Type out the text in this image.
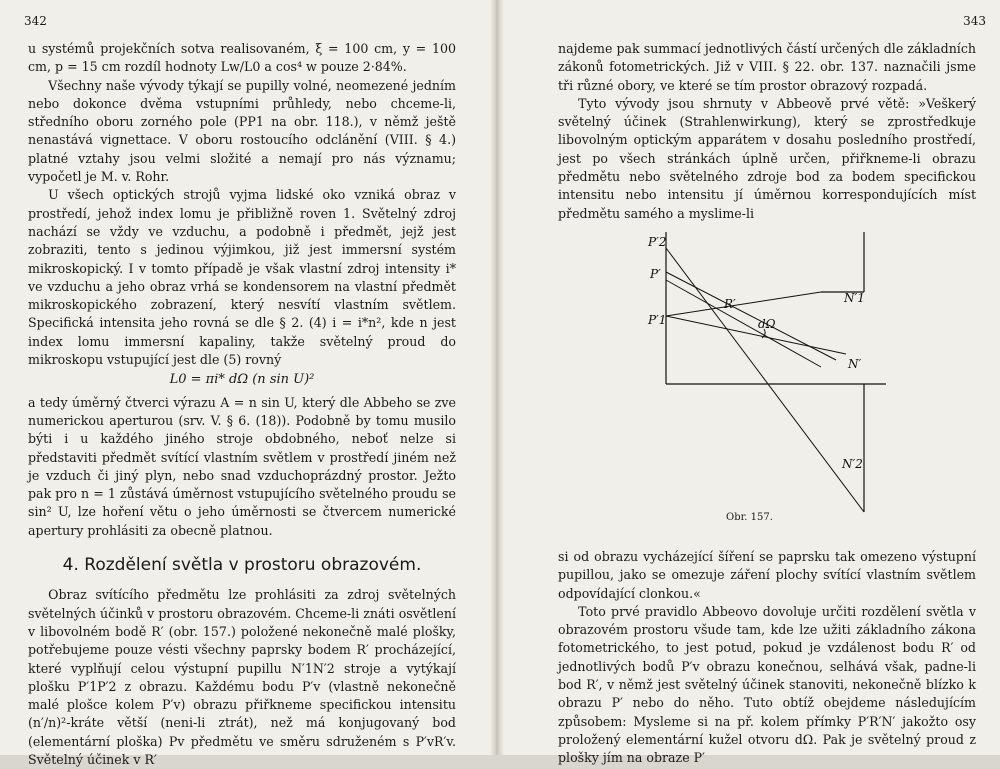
342

u systémů projekčních sotva realisovaném, ξ = 100 cm, y = 100 cm, p = 15 cm rozdíl hodnoty Lw/L0 a cos⁴ w pouze 2·84%.

Všechny naše vývody týkají se pupilly volné, neomezené jedním nebo dokonce dvěma vstupními průhledy, nebo chceme-li, středního oboru zorného pole (PP1 na obr. 118.), v němž ještě nenastává vignettace. V oboru rostoucího odclánění (VIII. § 4.) platné vztahy jsou velmi složité a nemají pro nás významu; vypočetl je M. v. Rohr.

U všech optických strojů vyjma lidské oko vzniká obraz v prostředí, jehož index lomu je přibližně roven 1. Světelný zdroj nachází se vždy ve vzduchu, a podobně i předmět, jejž jest zobraziti, tento s jedinou výjimkou, již jest immersní systém mikroskopický. I v tomto případě je však vlastní zdroj intensity i* ve vzduchu a jeho obraz vrhá se kondensorem na vlastní předmět mikroskopického zobrazení, který nesvítí vlastním světlem. Specifická intensita jeho rovná se dle § 2. (4) i = i*n², kde n jest index lomu immersní kapaliny, takže světelný proud do mikroskopu vstupující jest dle (5) rovný

L0 = πi* dΩ (n sin U)²

a tedy úměrný čtverci výrazu A = n sin U, který dle Abbeho se zve numerickou aperturou (srv. V. § 6. (18)). Podobně by tomu musilo býti i u každého jiného stroje obdobného, neboť nelze si představiti předmět svítící vlastním světlem v prostředí jiném než je vzduch či jiný plyn, nebo snad vzduchoprázdný prostor. Ježto pak pro n = 1 zůstává úměrnost vstupujícího světelného proudu se sin² U, lze hoření větu o jeho úměrnosti se čtvercem numerické apertury prohlásiti za obecně platnou.

4. Rozdělení světla v prostoru obrazovém.

Obraz svítícího předmětu lze prohlásiti za zdroj světelných světelných účinků v prostoru obrazovém. Chceme-li znáti osvětlení v libovolném bodě R′ (obr. 157.) položené nekonečně malé plošky, potřebujeme pouze vésti všechny paprsky bodem R′ procházející, které vyplňují celou výstupní pupillu N′1N′2 stroje a vytýkají plošku P′1P′2 z obrazu. Každému bodu P′v (vlastně nekonečně malé plošce kolem P′v) obrazu přiřkneme specifickou intensitu (n′/n)²-kráte větší (neni-li ztrát), než má konjugovaný bod (elementární ploška) Pv předmětu ve směru sdruženém s P′vR′v. Světelný účinek v R′

343

najdeme pak summací jednotlivých částí určených dle základních zákonů fotometrických. Již v VIII. § 22. obr. 137. naznačili jsme tři různé obory, ve které se tím prostor obrazový rozpadá.

Tyto vývody jsou shrnuty v Abbeově prvé větě: »Veškerý světelný účinek (Strahlenwirkung), který se zprostředkuje libovolným optickým apparátem v dosahu posledního prostředí, jest po všech stránkách úplně určen, přiřkneme-li obrazu předmětu nebo světelného zdroje bod za bodem specifickou intensitu nebo intensitu jí úměrnou korrespondujících míst předmětu samého a myslime-li

P′2
P′
P′1
R′
dΩ
N′1
N′
N′2
Obr. 157.

si od obrazu vycházející šíření se paprsku tak omezeno výstupní pupillou, jako se omezuje záření plochy svítící vlastním světlem odpovídající clonkou.«

Toto prvé pravidlo Abbeovo dovoluje určiti rozdělení světla v obrazovém prostoru všude tam, kde lze užiti základního zákona fotometrického, to jest potud, pokud je vzdálenost bodu R′ od jednotlivých bodů P′v obrazu konečnou, selhává však, padne-li bod R′, v němž jest světelný účinek stanoviti, nekonečně blízko k obrazu P′ nebo do něho. Tuto obtíž obejdeme následujícím způsobem: Mysleme si na př. kolem přímky P′R′N′ jakožto osy proložený elementární kužel otvoru dΩ. Pak je světelný proud z plošky jím na obraze P′
